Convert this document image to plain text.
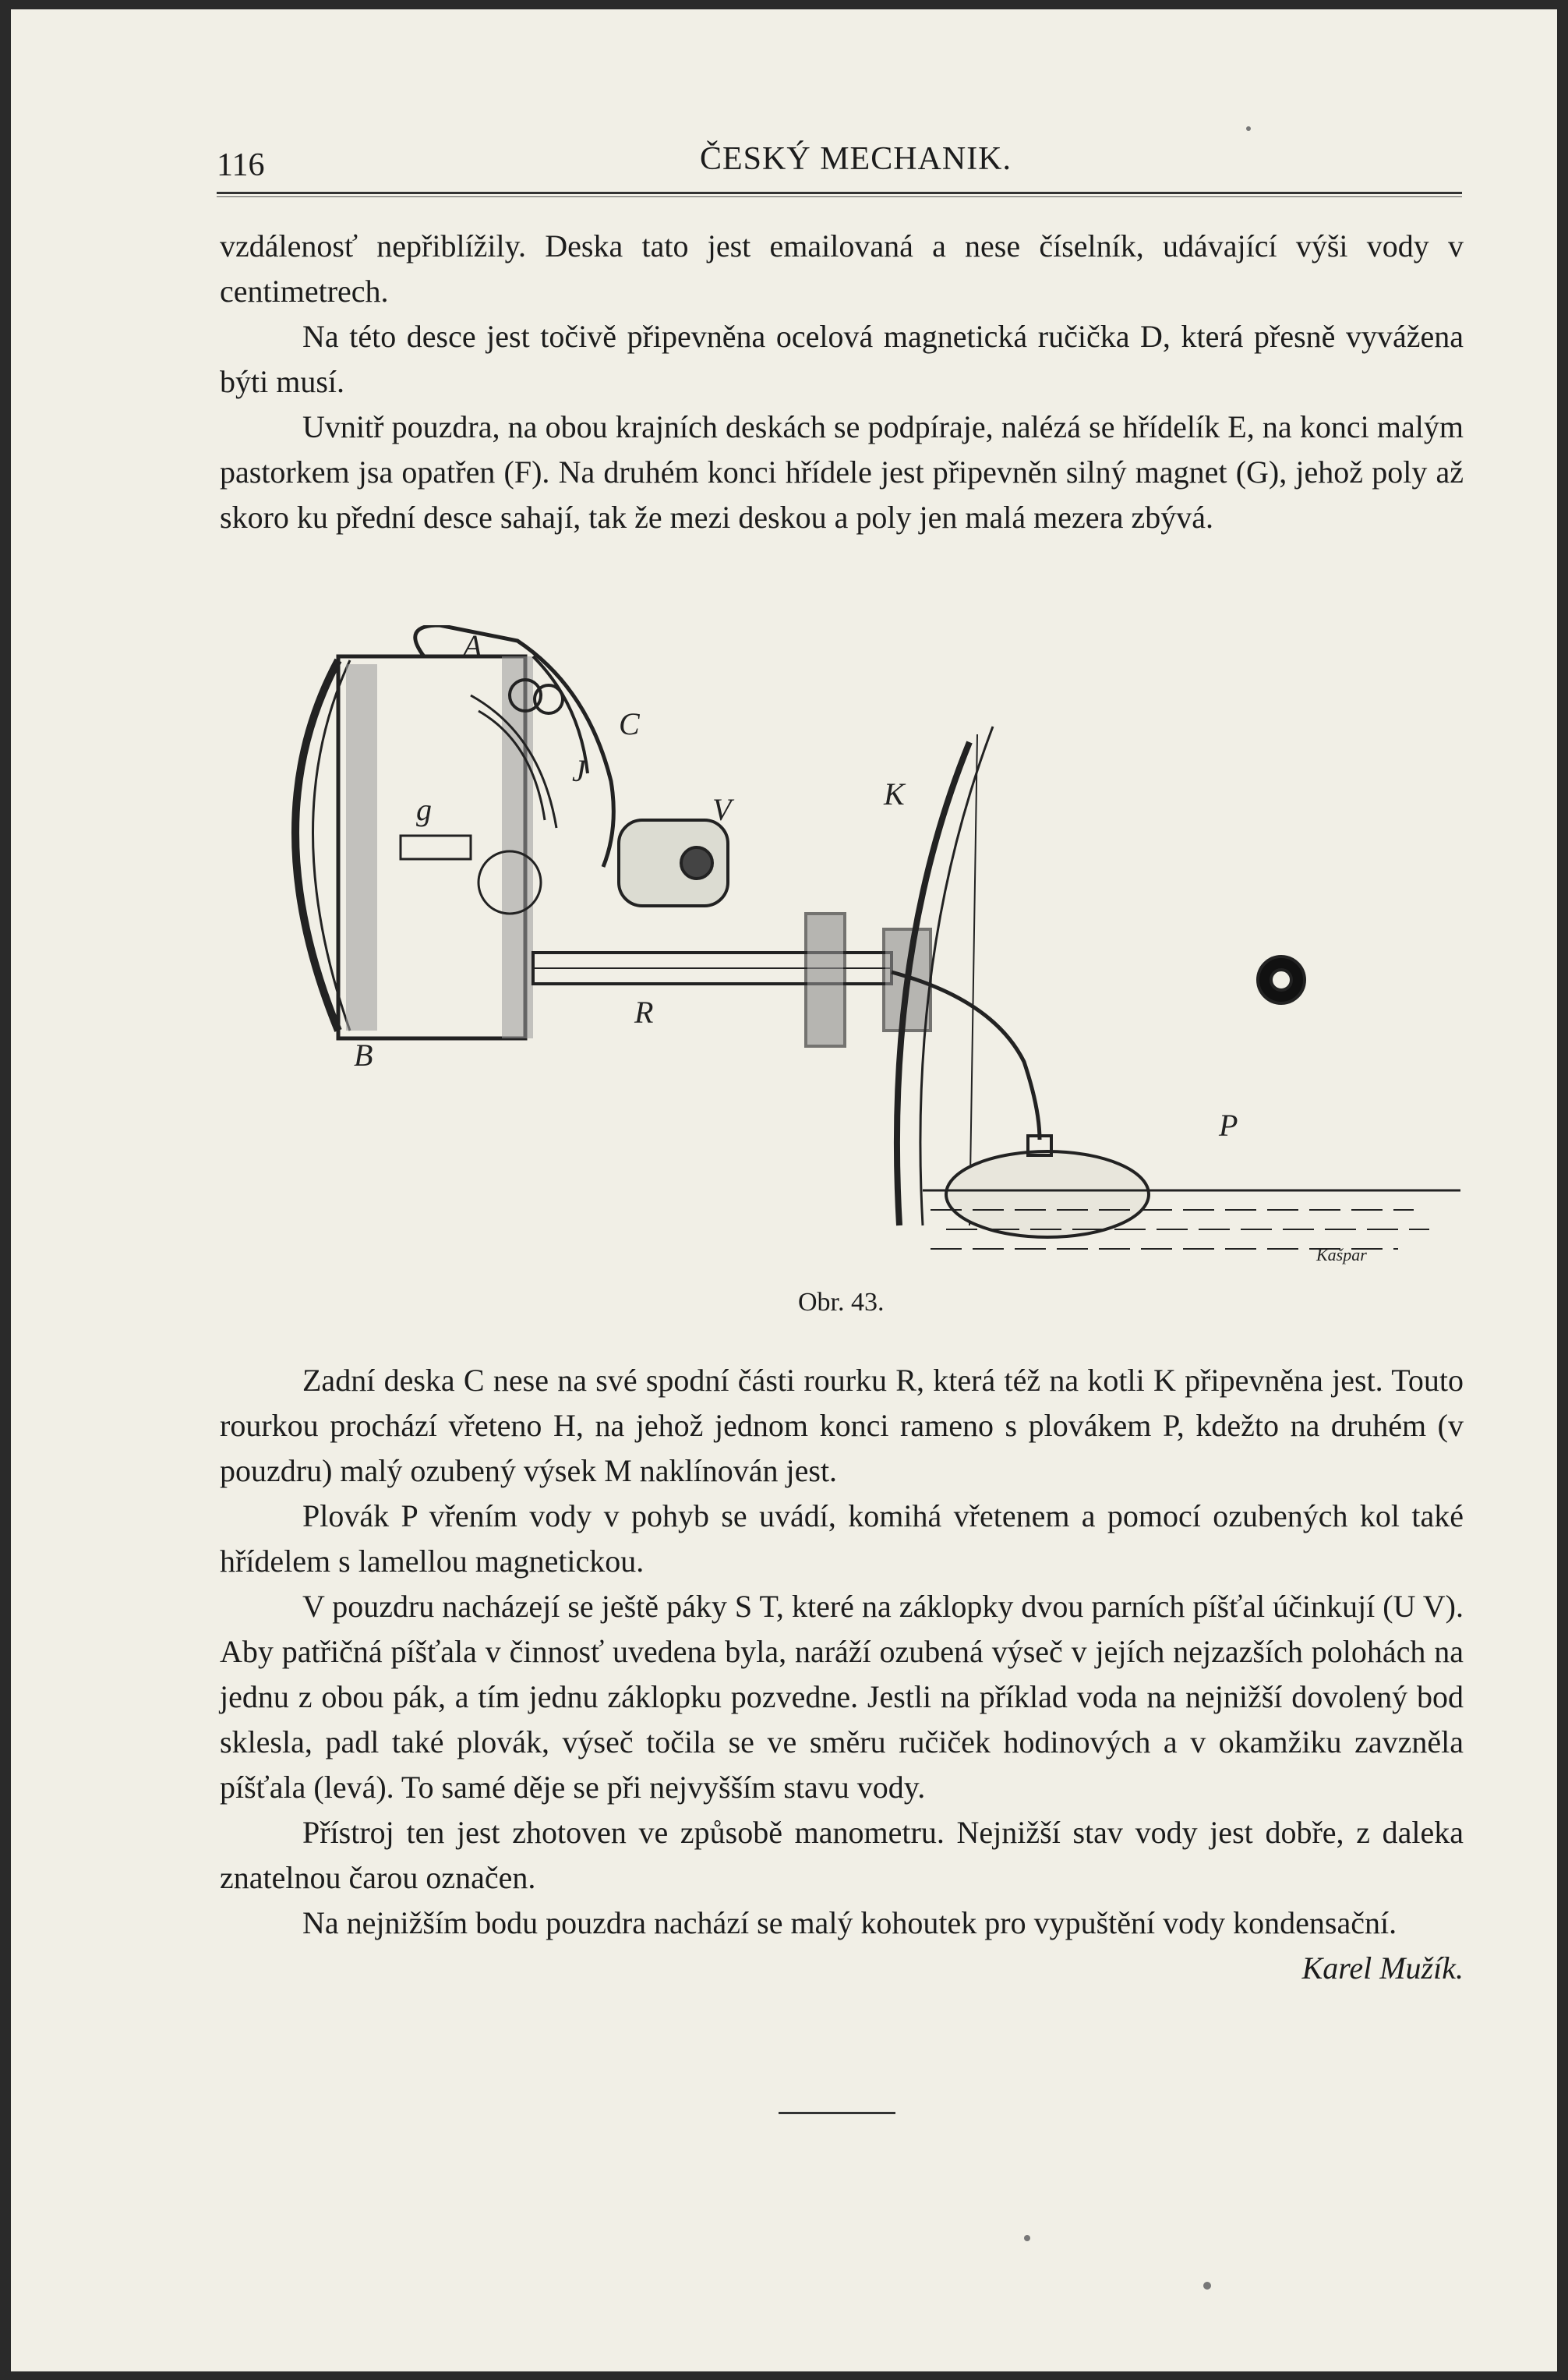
116	ČESKÝ MECHANIK.

vzdálenosť nepřiblížily. Deska tato jest emailovaná a nese číselník, udávající výši vody v centimetrech.

Na této desce jest točivě připevněna ocelová magnetická ručička D, která přesně vyvážena býti musí.

Uvnitř pouzdra, na obou krajních deskách se podpíraje, nalézá se hřídelík E, na konci malým pastorkem jsa opatřen (F). Na druhém konci hřídele jest připevněn silný magnet (G), jehož poly až skoro ku přední desce sahají, tak že mezi deskou a poly jen malá mezera zbývá.

A
C
B
V	K
R
P
g
J
Kašpar
Obr. 43.

Zadní deska C nese na své spodní části rourku R, která též na kotli K připevněna jest. Touto rourkou prochází vřeteno H, na jehož jednom konci rameno s plovákem P, kdežto na druhém (v pouzdru) malý ozubený výsek M naklínován jest.

Plovák P vřením vody v pohyb se uvádí, komihá vřetenem a pomocí ozubených kol také hřídelem s lamellou magnetickou.

V pouzdru nacházejí se ještě páky S T, které na záklopky dvou parních píšťal účinkují (U V). Aby patřičná píšťala v činnosť uvedena byla, naráží ozubená výseč v jejích nejzazších polohách na jednu z obou pák, a tím jednu záklopku pozvedne. Jestli na příklad voda na nejnižší dovolený bod sklesla, padl také plovák, výseč točila se ve směru ručiček hodinových a v okamžiku zavzněla píšťala (levá). To samé děje se při nejvyšším stavu vody.

Přístroj ten jest zhotoven ve způsobě manometru. Nejnižší stav vody jest dobře, z daleka znatelnou čarou označen.

Na nejnižším bodu pouzdra nachází se malý kohoutek pro vypuštění vody kondensační.

Karel Mužík.
